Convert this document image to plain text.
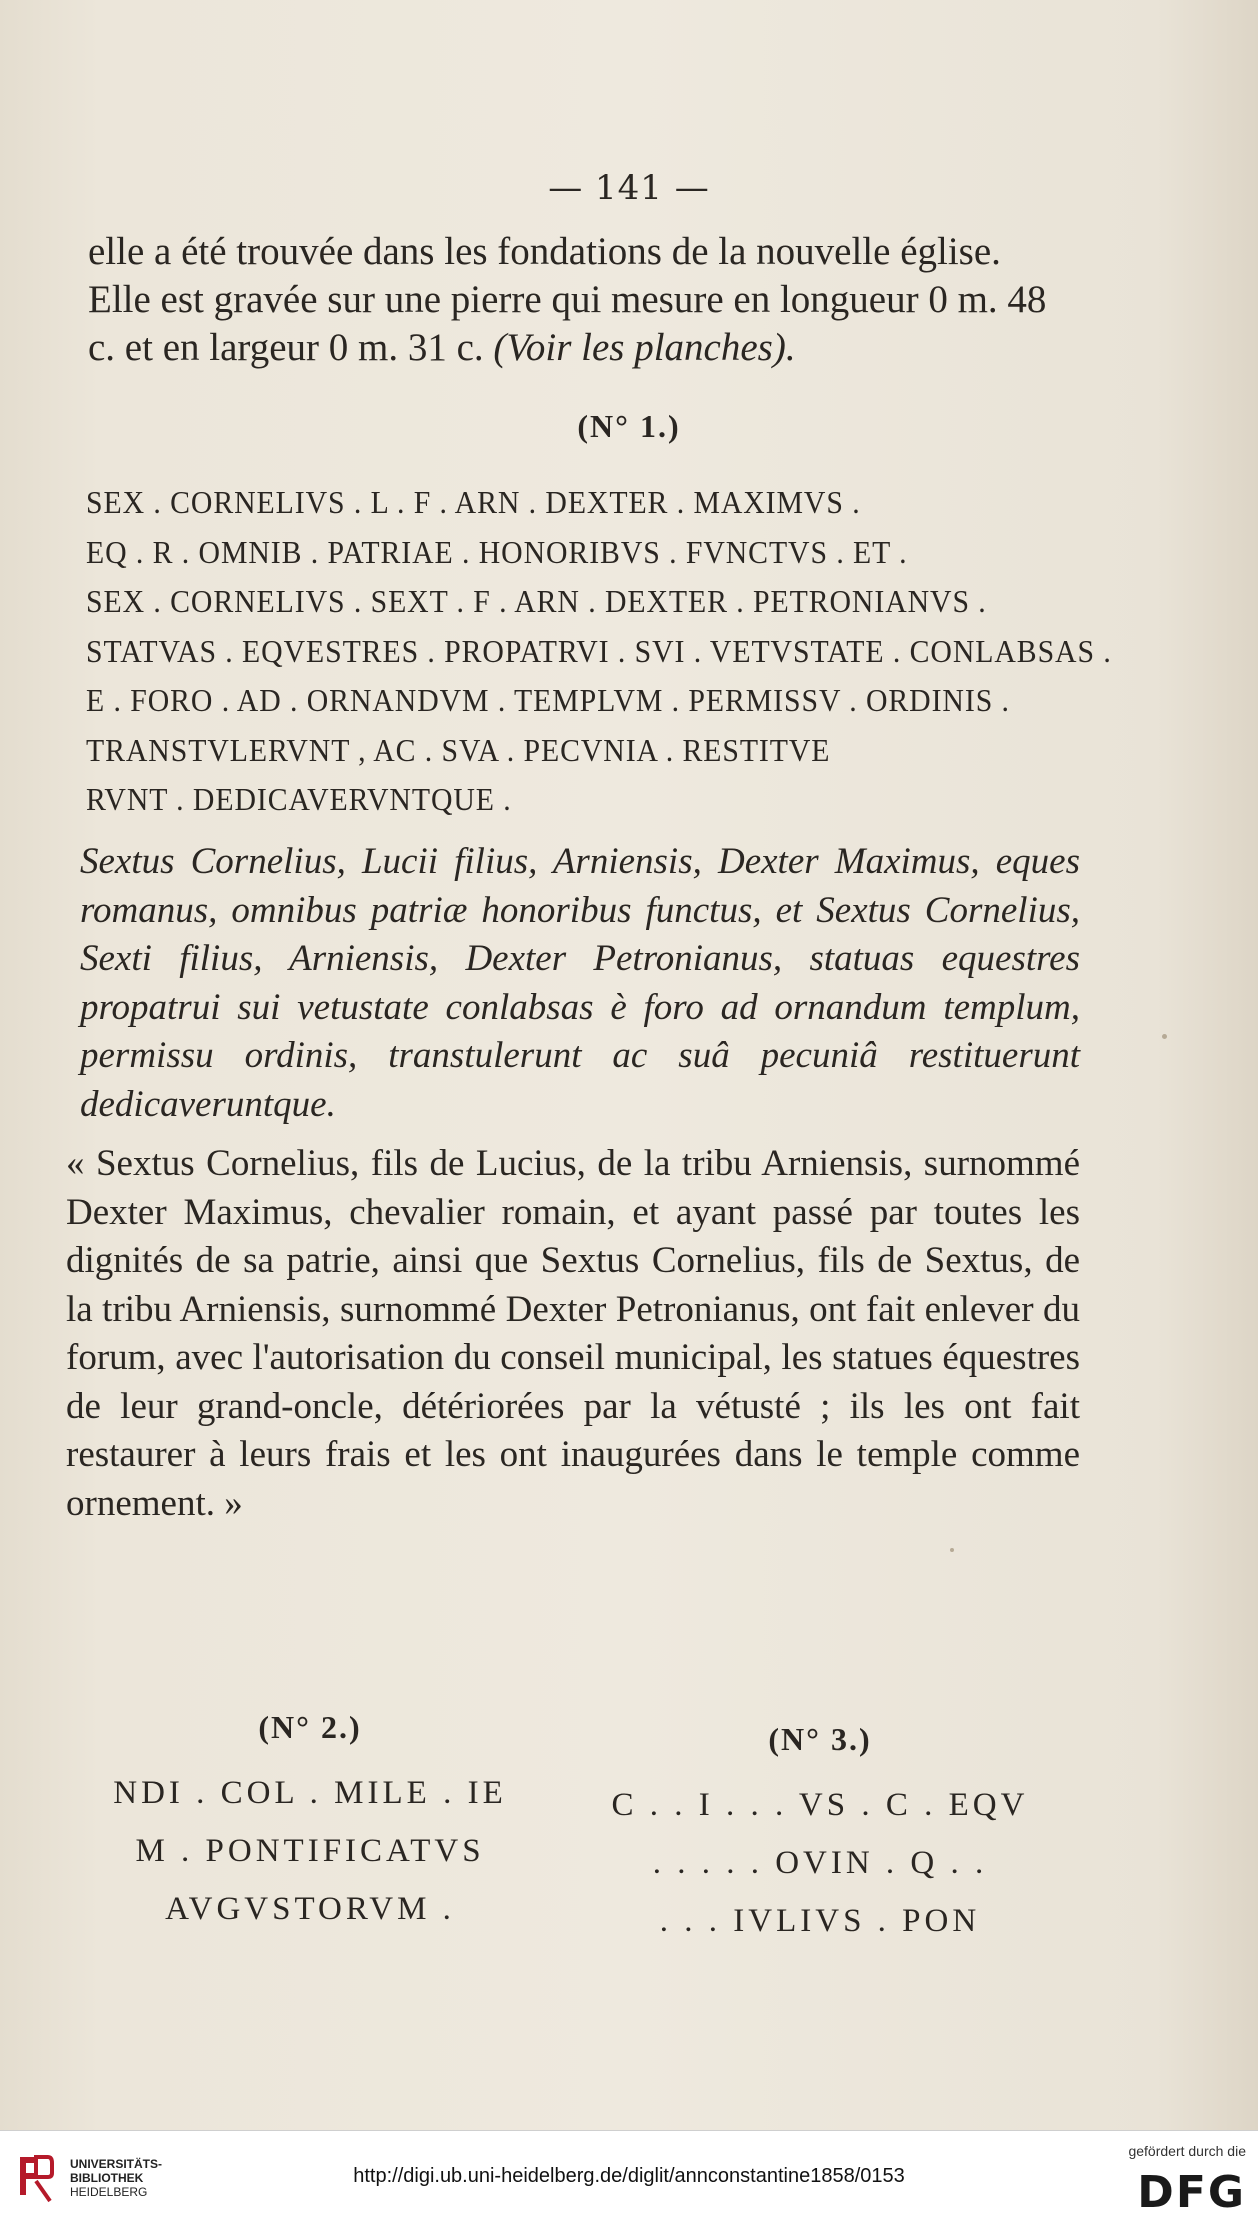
— 141 —

elle a été trouvée dans les fondations de la nouvelle église. Elle est gravée sur une pierre qui mesure en longueur 0 m. 48 c. et en largeur 0 m. 31 c. (Voir les planches).

(N° 1.)
SEX . CORNELIVS . L . F . ARN . DEXTER . MAXIMVS .
EQ . R . OMNIB . PATRIAE . HONORIBVS . FVNCTVS . ET .
SEX . CORNELIVS . SEXT . F . ARN . DEXTER . PETRONIANVS .
STATVAS . EQVESTRES . PROPATRVI . SVI . VETVSTATE . CONLABSAS .
E . FORO . AD . ORNANDVM . TEMPLVM . PERMISSV . ORDINIS .
TRANSTVLERVNT , AC . SVA . PECVNIA . RESTITVE
RVNT . DEDICAVERVNTQUE .
Sextus Cornelius, Lucii filius, Arniensis, Dexter Maximus, eques romanus, omnibus patriæ honoribus functus, et Sextus Cornelius, Sexti filius, Arniensis, Dexter Petronianus, statuas equestres propatrui sui vetustate conlabsas è foro ad ornandum templum, permissu ordinis, transtulerunt ac suâ pecuniâ restituerunt dedicaveruntque.
« Sextus Cornelius, fils de Lucius, de la tribu Arniensis, surnommé Dexter Maximus, chevalier romain, et ayant passé par toutes les dignités de sa patrie, ainsi que Sextus Cornelius, fils de Sextus, de la tribu Arniensis, surnommé Dexter Petronianus, ont fait enlever du forum, avec l'autorisation du conseil municipal, les statues équestres de leur grand-oncle, détériorées par la vétusté ; ils les ont fait restaurer à leurs frais et les ont inaugurées dans le temple comme ornement. »
(N° 2.)
NDI . COL . MILE . IE
M . PONTIFICATVS
AVGVSTORVM .
(N° 3.)
C . . I . . . VS . C . EQV
. . . . . OVIN . Q . .
. . . IVLIVS . PON
UNIVERSITÄTS-
BIBLIOTHEK
HEIDELBERG
http://digi.ub.uni-heidelberg.de/diglit/annconstantine1858/0153
gefördert durch die
DFG
